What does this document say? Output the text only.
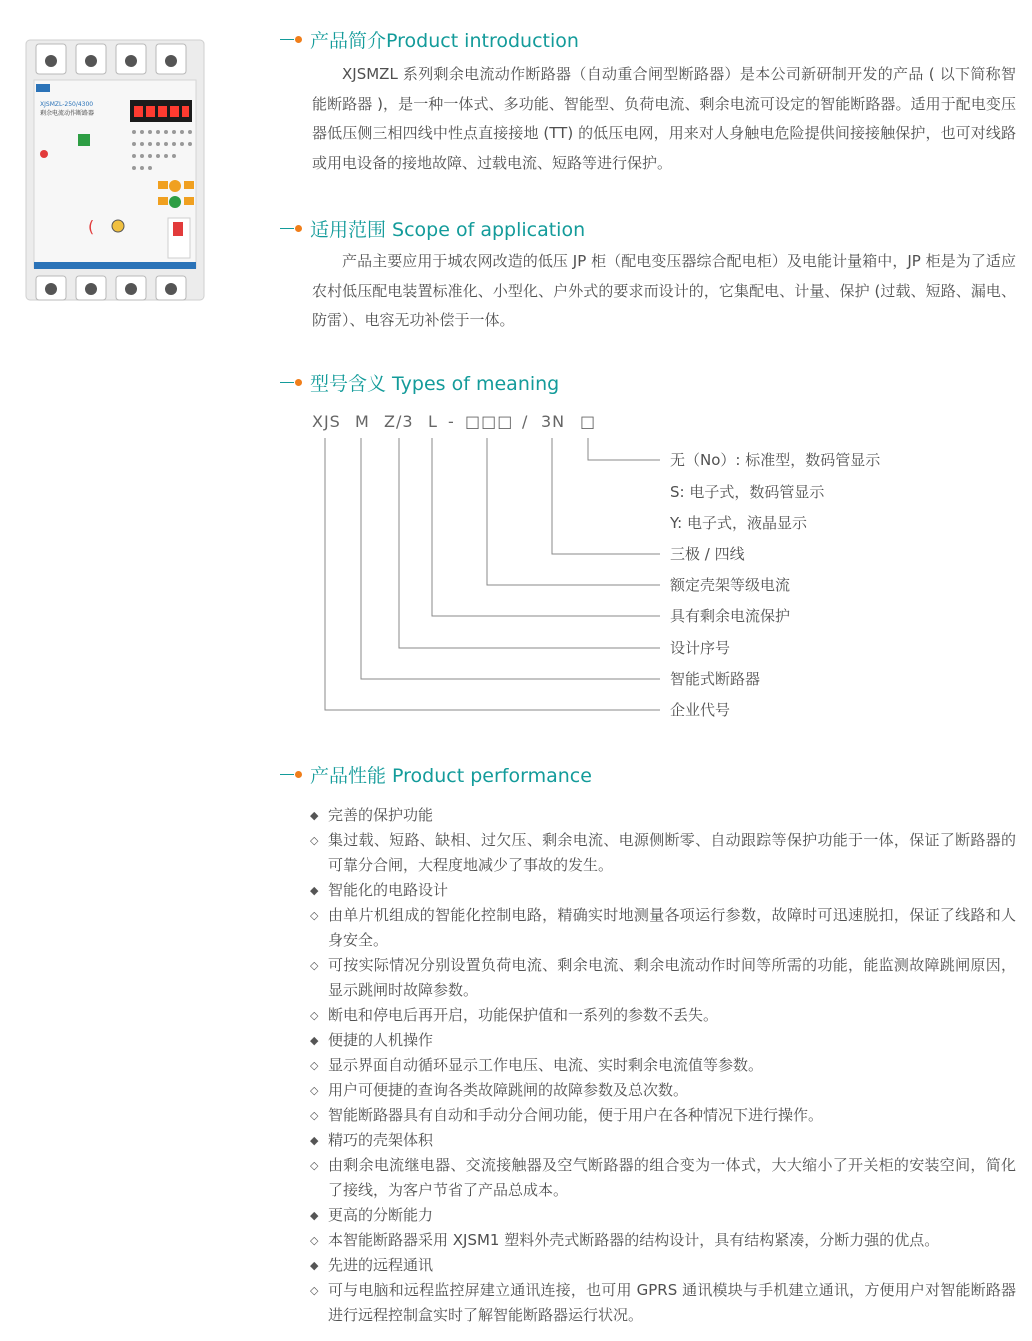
XJSMZL-250/4300
剩余电流动作断路器
(
产品简介Product introduction

XJSMZL 系列剩余电流动作断路器（自动重合闸型断路器）是本公司新研制开发的产品 ( 以下简称智能断路器 )，是一种一体式、多功能、智能型、负荷电流、剩余电流可设定的智能断路器。适用于配电变压器低压侧三相四线中性点直接接地 (TT) 的低压电网，用来对人身触电危险提供间接接触保护，也可对线路或用电设备的接地故障、过载电流、短路等进行保护。

适用范围 Scope of application

产品主要应用于城农网改造的低压 JP 柜（配电变压器综合配电柜）及电能计量箱中，JP 柜是为了适应农村低压配电装置标准化、小型化、户外式的要求而设计的，它集配电、计量、保护 (过载、短路、漏电、防雷）、电容无功补偿于一体。

型号含义 Types of meaning
XJS M Z/3 L - □□□ / 3N □
无（No）: 标准型，数码管显示
S: 电子式，数码管显示
Y: 电子式，液晶显示
三极 / 四线
额定壳架等级电流
具有剩余电流保护
设计序号
智能式断路器
企业代号
产品性能 Product performance
◆ 完善的保护功能
◇ 集过载、短路、缺相、过欠压、剩余电流、电源侧断零、自动跟踪等保护功能于一体，保证了断路器的可靠分合闸，大程度地减少了事故的发生。
◆ 智能化的电路设计
◇ 由单片机组成的智能化控制电路，精确实时地测量各项运行参数，故障时可迅速脱扣，保证了线路和人身安全。
◇ 可按实际情况分别设置负荷电流、剩余电流、剩余电流动作时间等所需的功能，能监测故障跳闸原因，显示跳闸时故障参数。
◇ 断电和停电后再开启，功能保护值和一系列的参数不丢失。
◆ 便捷的人机操作
◇ 显示界面自动循环显示工作电压、电流、实时剩余电流值等参数。
◇ 用户可便捷的查询各类故障跳闸的故障参数及总次数。
◇ 智能断路器具有自动和手动分合闸功能，便于用户在各种情况下进行操作。
◆ 精巧的壳架体积
◇ 由剩余电流继电器、交流接触器及空气断路器的组合变为一体式，大大缩小了开关柜的安装空间，简化了接线，为客户节省了产品总成本。
◆ 更高的分断能力
◇ 本智能断路器采用 XJSM1 塑料外壳式断路器的结构设计，具有结构紧凑，分断力强的优点。
◆ 先进的远程通讯
◇ 可与电脑和远程监控屏建立通讯连接，也可用 GPRS 通讯模块与手机建立通讯，方便用户对智能断路器进行远程控制盒实时了解智能断路器运行状况。
